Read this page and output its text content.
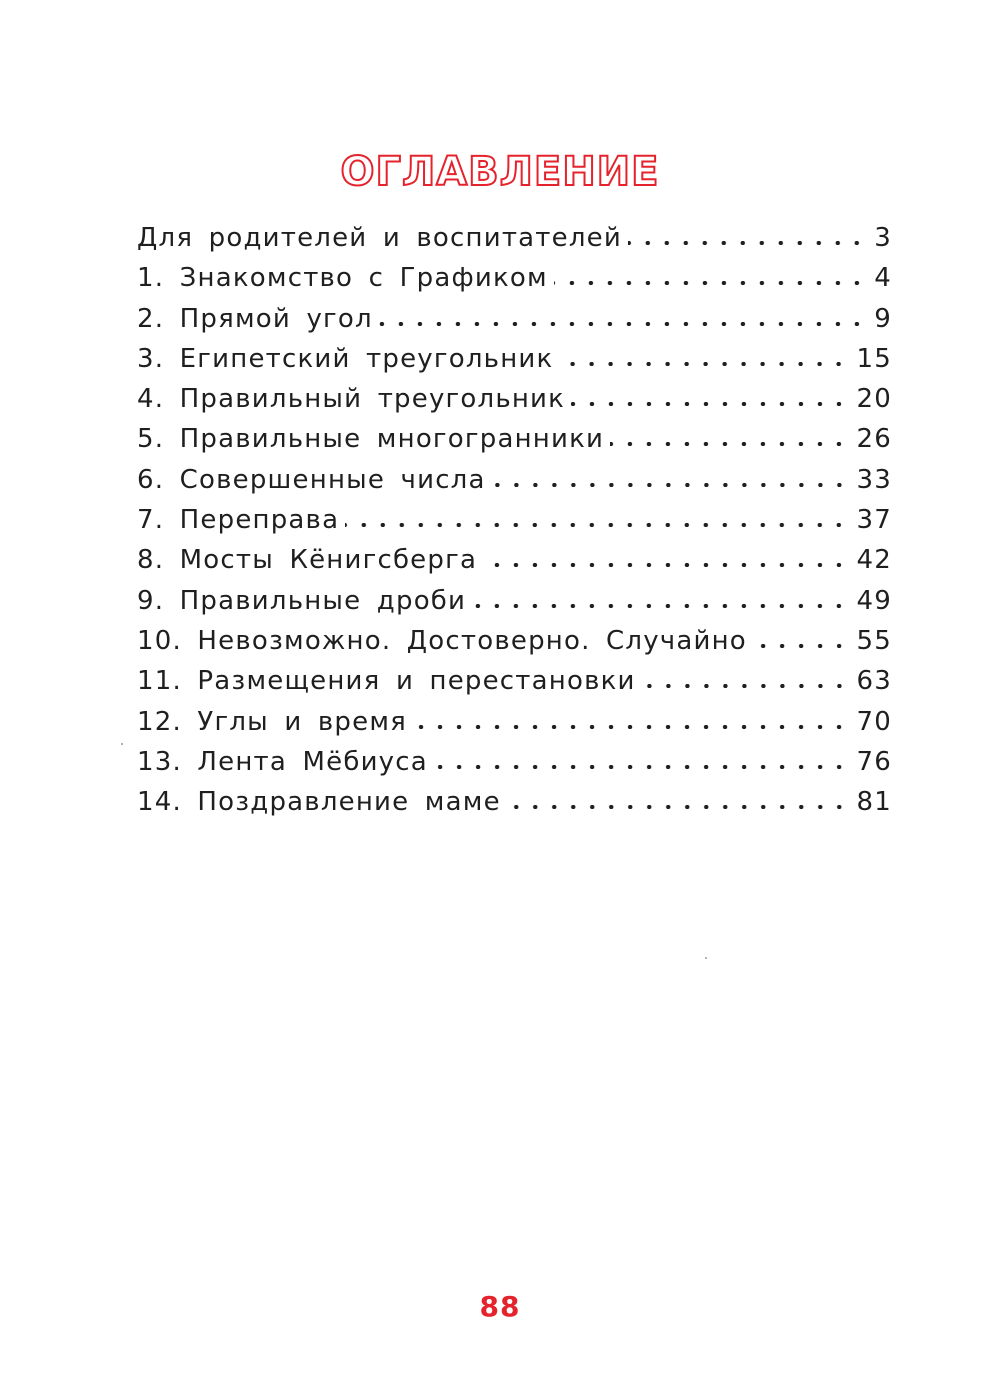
ОГЛАВЛЕНИЕ
Для родителей и воспитателей	3
1. Знакомство с Графиком	4
2. Прямой угол	9
3. Египетский треугольник	15
4. Правильный треугольник	20
5. Правильные многогранники	26
6. Совершенные числа	33
7. Переправа	37
8. Мосты Кёнигсберга	42
9. Правильные дроби	49
10. Невозможно. Достоверно. Случайно	55
11. Размещения и перестановки	63
12. Углы и время	70
13. Лента Мёбиуса	76
14. Поздравление маме	81
88
